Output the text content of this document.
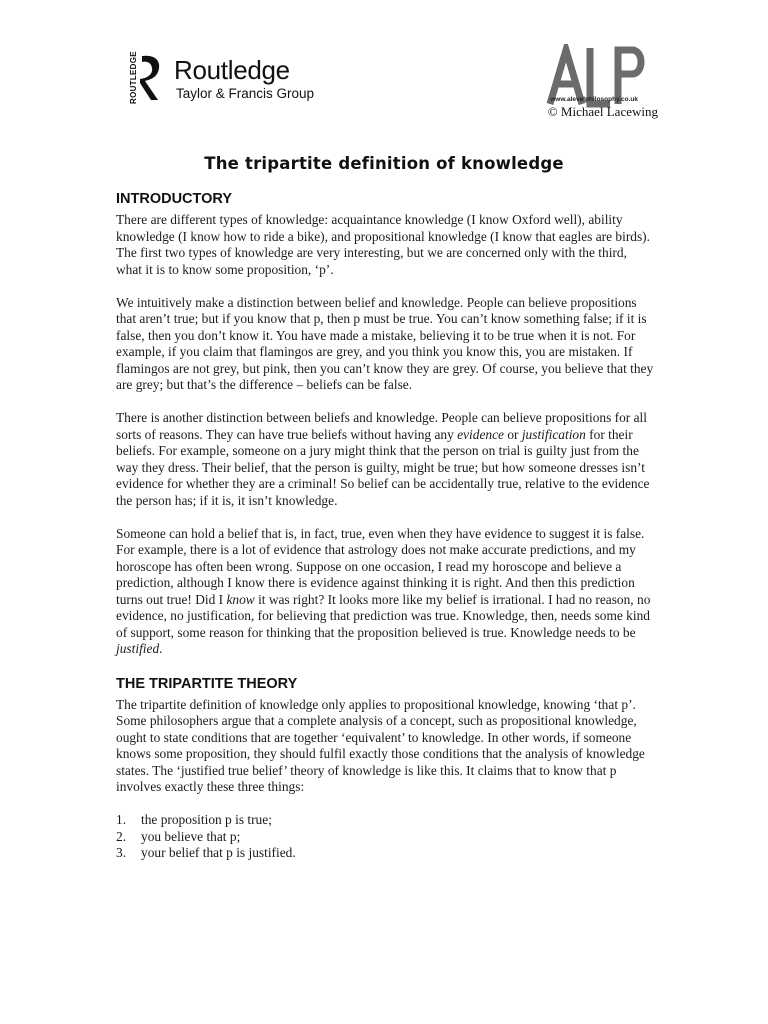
ROUTLEDGE Routledge
Taylor & Francis Group	www.alevelphilosophy.co.uk
© Michael Lacewing
The tripartite definition of knowledge
INTRODUCTORY

There are different types of knowledge: acquaintance knowledge (I know Oxford well), ability knowledge (I know how to ride a bike), and propositional knowledge (I know that eagles are birds). The first two types of knowledge are very interesting, but we are concerned only with the third, what it is to know some proposition, ‘p’.

We intuitively make a distinction between belief and knowledge. People can believe propositions that aren’t true; but if you know that p, then p must be true. You can’t know something false; if it is false, then you don’t know it. You have made a mistake, believing it to be true when it is not. For example, if you claim that flamingos are grey, and you think you know this, you are mistaken. If flamingos are not grey, but pink, then you can’t know they are grey. Of course, you believe that they are grey; but that’s the difference – beliefs can be false.

There is another distinction between beliefs and knowledge. People can believe propositions for all sorts of reasons. They can have true beliefs without having any evidence or justification for their beliefs. For example, someone on a jury might think that the person on trial is guilty just from the way they dress. Their belief, that the person is guilty, might be true; but how someone dresses isn’t evidence for whether they are a criminal! So belief can be accidentally true, relative to the evidence the person has; if it is, it isn’t knowledge.

Someone can hold a belief that is, in fact, true, even when they have evidence to suggest it is false. For example, there is a lot of evidence that astrology does not make accurate predictions, and my horoscope has often been wrong. Suppose on one occasion, I read my horoscope and believe a prediction, although I know there is evidence against thinking it is right. And then this prediction turns out true! Did I know it was right? It looks more like my belief is irrational. I had no reason, no evidence, no justification, for believing that prediction was true. Knowledge, then, needs some kind of support, some reason for thinking that the proposition believed is true. Knowledge needs to be justified.

THE TRIPARTITE THEORY

The tripartite definition of knowledge only applies to propositional knowledge, knowing ‘that p’. Some philosophers argue that a complete analysis of a concept, such as propositional knowledge, ought to state conditions that are together ‘equivalent’ to knowledge. In other words, if someone knows some proposition, they should fulfil exactly those conditions that the analysis of knowledge states. The ‘justified true belief’ theory of knowledge is like this. It claims that to know that p involves exactly these three things:

1.	the proposition p is true;
2.	you believe that p;
3.	your belief that p is justified.
